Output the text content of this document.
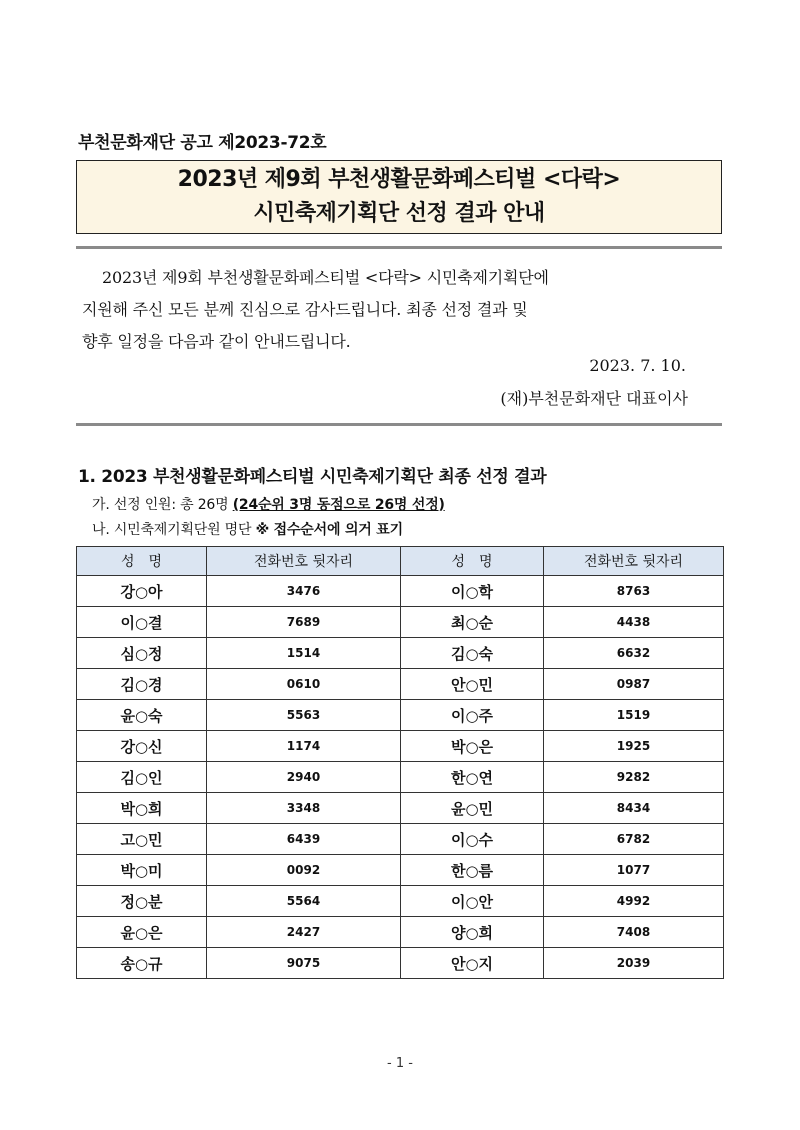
부천문화재단 공고 제2023-72호
2023년 제9회 부천생활문화페스티벌 <다락>
시민축제기획단 선정 결과 안내
2023년 제9회 부천생활문화페스티벌 <다락> 시민축제기획단에
지원해 주신 모든 분께 진심으로 감사드립니다. 최종 선정 결과 및
향후 일정을 다음과 같이 안내드립니다.
2023. 7. 10.
(재)부천문화재단 대표이사
1. 2023 부천생활문화페스티벌 시민축제기획단 최종 선정 결과
가. 선정 인원: 총 26명 (24순위 3명 동점으로 26명 선정)
나. 시민축제기획단원 명단 ※ 접수순서에 의거 표기
성　명	전화번호 뒷자리	성　명	전화번호 뒷자리
강○아	3476	이○학	8763
이○결	7689	최○순	4438
심○정	1514	김○숙	6632
김○경	0610	안○민	0987
윤○숙	5563	이○주	1519
강○신	1174	박○은	1925
김○인	2940	한○연	9282
박○희	3348	윤○민	8434
고○민	6439	이○수	6782
박○미	0092	한○름	1077
정○분	5564	이○안	4992
윤○은	2427	양○희	7408
송○규	9075	안○지	2039
- 1 -
